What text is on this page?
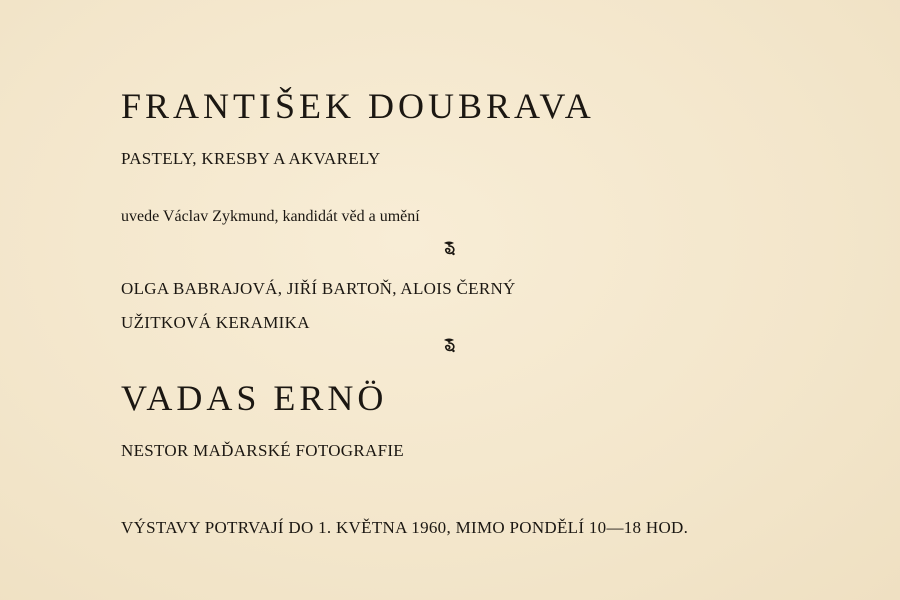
FRANTIŠEK DOUBRAVA

PASTELY, KRESBY A AKVARELY

uvede Václav Zykmund, kandidát věd a umění

OLGA BABRAJOVÁ, JIŘÍ BARTOŇ, ALOIS ČERNÝ

UŽITKOVÁ KERAMIKA

VADAS ERNÖ

NESTOR MAĎARSKÉ FOTOGRAFIE

VÝSTAVY POTRVAJÍ DO 1. KVĚTNA 1960, MIMO PONDĚLÍ 10—18 HOD.
